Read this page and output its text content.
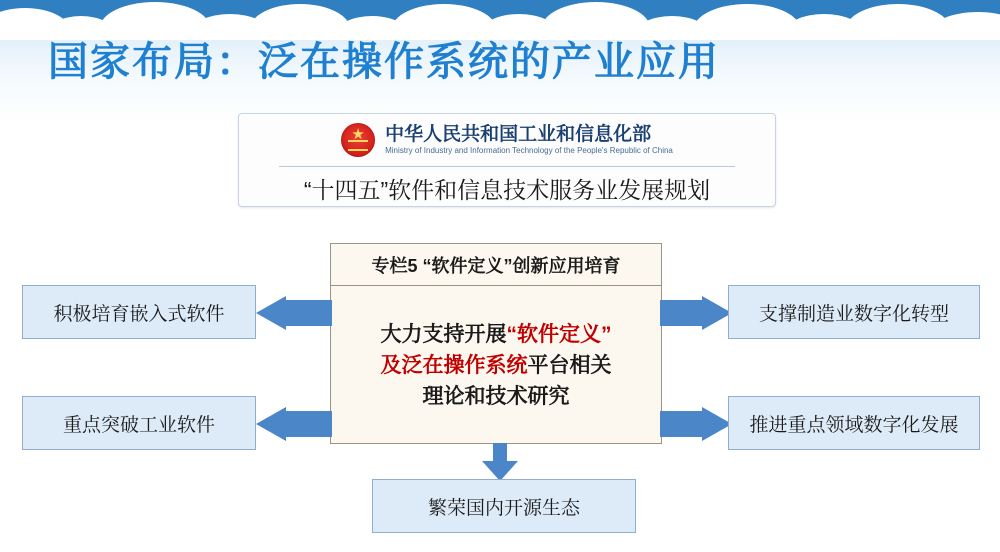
国家布局：泛在操作系统的产业应用
★
中华人民共和国工业和信息化部
Ministry of Industry and Information Technology of the People's Republic of China
“十四五”软件和信息技术服务业发展规划
专栏5 “软件定义”创新应用培育

大力支持开展“软件定义”
及泛在操作系统平台相关
理论和技术研究

积极培育嵌入式软件
重点突破工业软件
支撑制造业数字化转型
推进重点领域数字化发展
繁荣国内开源生态
